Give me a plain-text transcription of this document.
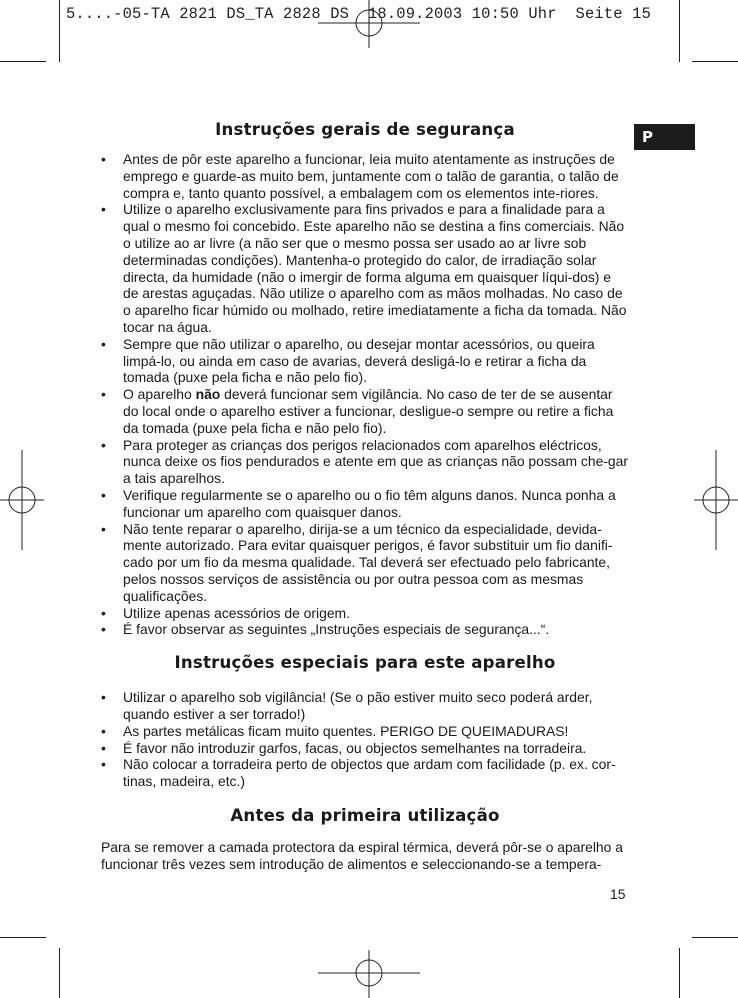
5....-05-TA 2821 DS_TA 2828 DS  18.09.2003 10:50 Uhr  Seite 15
P
Instruções gerais de segurança
• Antes de pôr este aparelho a funcionar, leia muito atentamente as instruções de emprego e guarde-as muito bem, juntamente com o talão de garantia, o talão de compra e, tanto quanto possível, a embalagem com os elementos inte-riores.
• Utilize o aparelho exclusivamente para fins privados e para a finalidade para a qual o mesmo foi concebido. Este aparelho não se destina a fins comerciais. Não o utilize ao ar livre (a não ser que o mesmo possa ser usado ao ar livre sob determinadas condições). Mantenha-o protegido do calor, de irradiação solar directa, da humidade (não o imergir de forma alguma em quaisquer líqui-dos) e de arestas aguçadas. Não utilize o aparelho com as mãos molhadas. No caso de o aparelho ficar húmido ou molhado, retire imediatamente a ficha da tomada. Não tocar na água.
• Sempre que não utilizar o aparelho, ou desejar montar acessórios, ou queira limpá-lo, ou ainda em caso de avarias, deverá desligá-lo e retirar a ficha da tomada (puxe pela ficha e não pelo fio).
• O aparelho não deverá funcionar sem vigilância. No caso de ter de se ausentar do local onde o aparelho estiver a funcionar, desligue-o sempre ou retire a ficha da tomada (puxe pela ficha e não pelo fio).
• Para proteger as crianças dos perigos relacionados com aparelhos eléctricos, nunca deixe os fios pendurados e atente em que as crianças não possam che-gar a tais aparelhos.
• Verifique regularmente se o aparelho ou o fio têm alguns danos. Nunca ponha a funcionar um aparelho com quaisquer danos.
• Não tente reparar o aparelho, dirija-se a um técnico da especialidade, devida-mente autorizado. Para evitar quaisquer perigos, é favor substituir um fio danifi-cado por um fio da mesma qualidade. Tal deverá ser efectuado pelo fabricante, pelos nossos serviços de assistência ou por outra pessoa com as mesmas qualificações.
• Utilize apenas acessórios de origem.
• É favor observar as seguintes „Instruções especiais de segurança...“.
Instruções especiais para este aparelho
• Utilizar o aparelho sob vigilância! (Se o pão estiver muito seco poderá arder, quando estiver a ser torrado!)
• As partes metálicas ficam muito quentes. PERIGO DE QUEIMADURAS!
• É favor não introduzir garfos, facas, ou objectos semelhantes na torradeira.
• Não colocar a torradeira perto de objectos que ardam com facilidade (p. ex. cor-tinas, madeira, etc.)
Antes da primeira utilização

Para se remover a camada protectora da espiral térmica, deverá pôr-se o aparelho a funcionar três vezes sem introdução de alimentos e seleccionando-se a tempera-

15
